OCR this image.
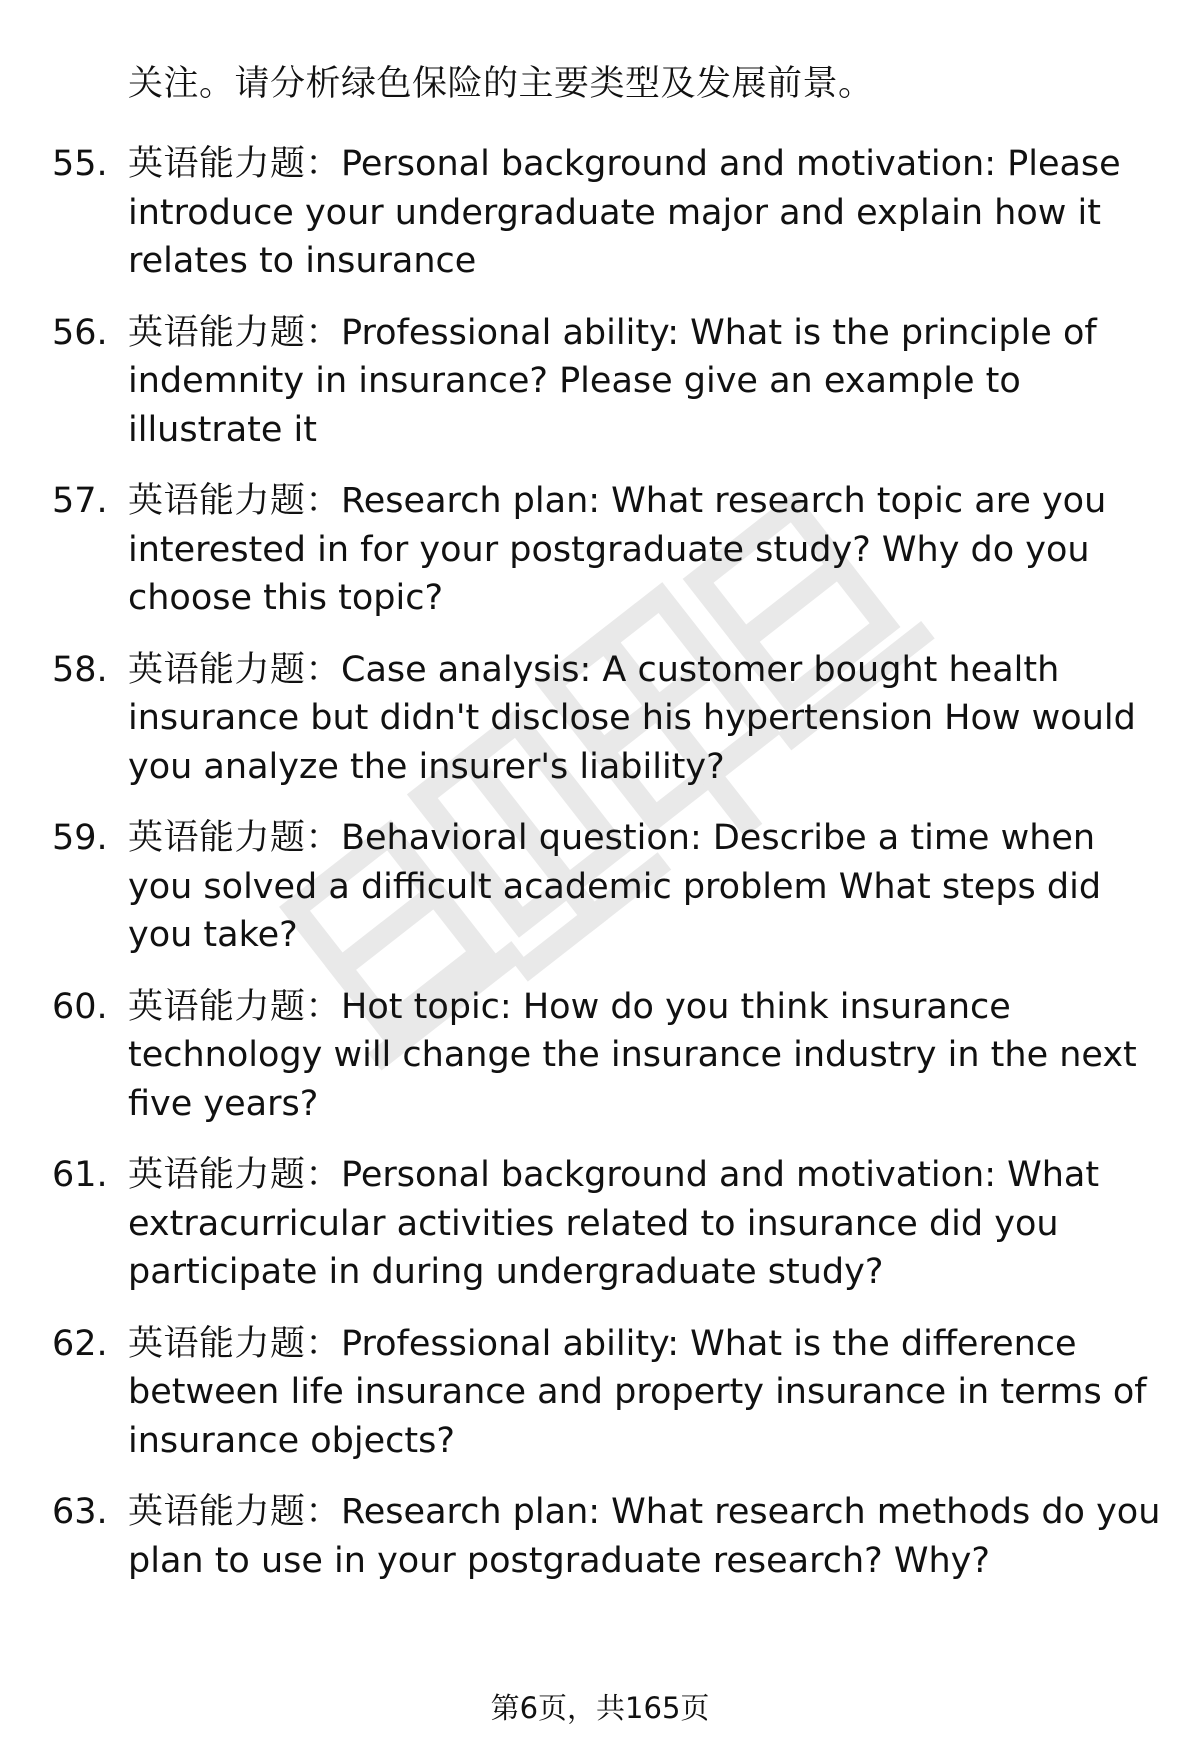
关注。请分析绿色保险的主要类型及发展前景。
55. 英语能力题：Personal background and motivation: Please introduce your undergraduate major and explain how it relates to insurance
56. 英语能力题：Professional ability: What is the principle of indemnity in insurance? Please give an example to illustrate it
57. 英语能力题：Research plan: What research topic are you interested in for your postgraduate study? Why do you choose this topic?
58. 英语能力题：Case analysis: A customer bought health insurance but didn't disclose his hypertension How would you analyze the insurer's liability?
59. 英语能力题：Behavioral question: Describe a time when you solved a difficult academic problem What steps did you take?
60. 英语能力题：Hot topic: How do you think insurance technology will change the insurance industry in the next five years?
61. 英语能力题：Personal background and motivation: What extracurricular activities related to insurance did you participate in during undergraduate study?
62. 英语能力题：Professional ability: What is the difference between life insurance and property insurance in terms of insurance objects?
63. 英语能力题：Research plan: What research methods do you plan to use in your postgraduate research? Why?
第6页，共165页
